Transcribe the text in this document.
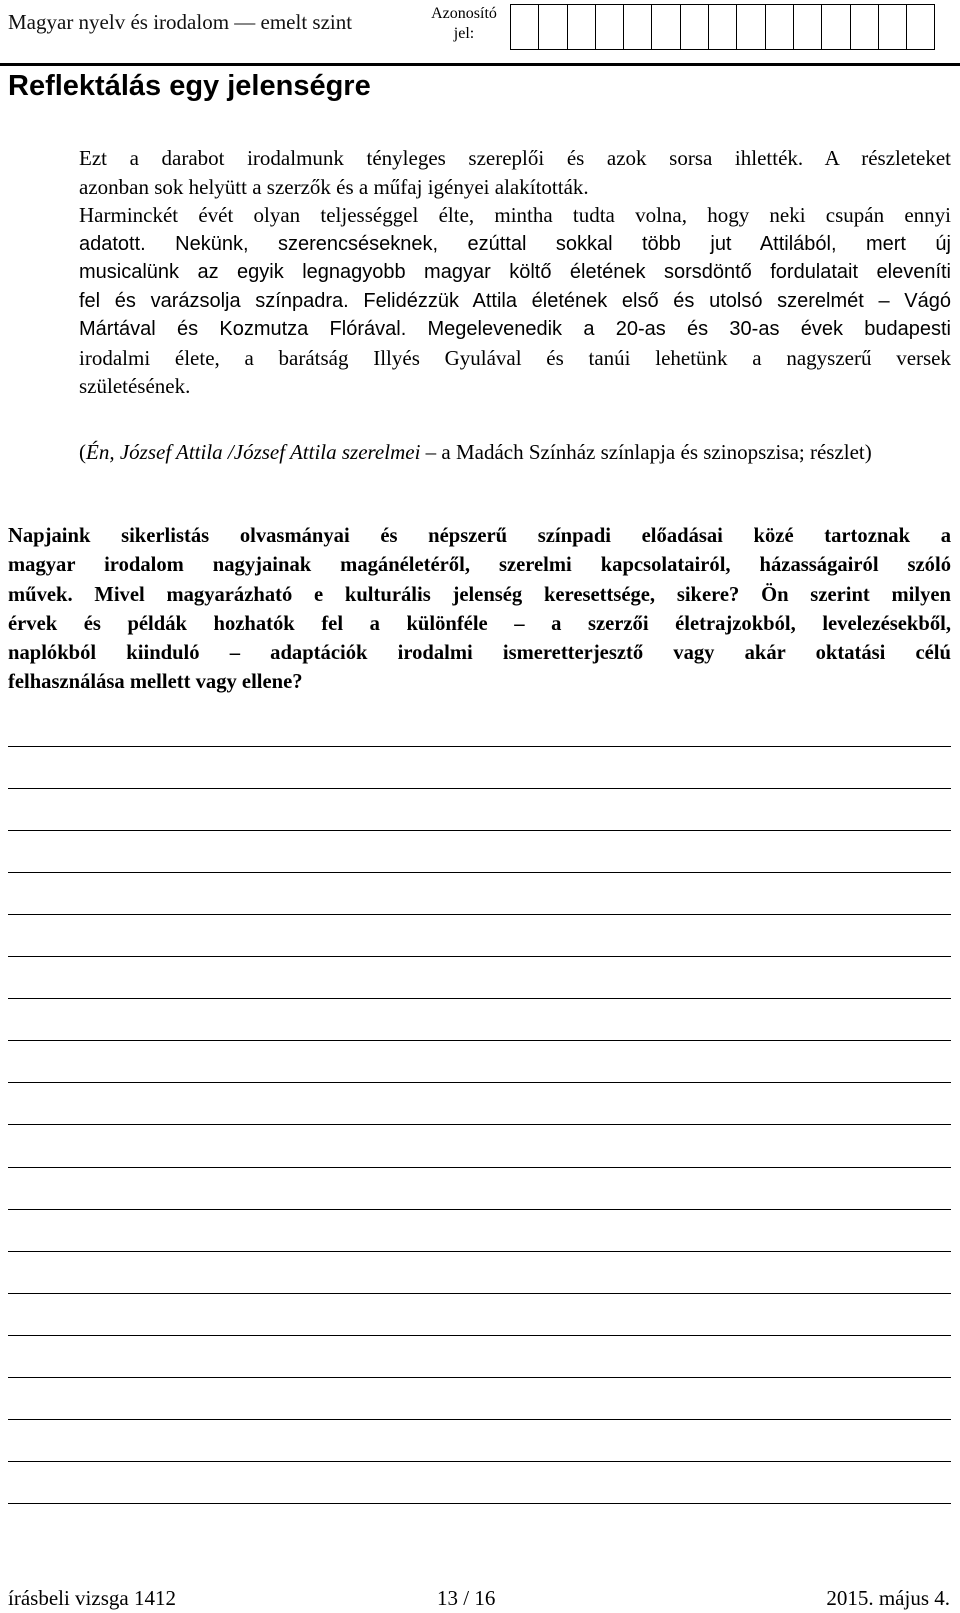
Magyar nyelv és irodalom — emelt szint	Azonosító
jel:
Reflektálás egy jelenségre
Ezt a darabot irodalmunk tényleges szereplői és azok sorsa ihlették. A részleteket
azonban sok helyütt a szerzők és a műfaj igényei alakították.
Harminckét évét olyan teljességgel élte, mintha tudta volna, hogy neki csupán ennyi
adatott. Nekünk, szerencséseknek, ezúttal sokkal több jut Attilából, mert új
musicalünk az egyik legnagyobb magyar költő életének sorsdöntő fordulatait eleveníti
fel és varázsolja színpadra. Felidézzük Attila életének első és utolsó szerelmét – Vágó
Mártával és Kozmutza Flórával. Megelevenedik a 20-as és 30-as évek budapesti
irodalmi élete, a barátság Illyés Gyulával és tanúi lehetünk a nagyszerű versek
születésének.

(Én, József Attila /József Attila szerelmei – a Madách Színház színlapja és szinopszisa; részlet)

Napjaink sikerlistás olvasmányai és népszerű színpadi előadásai közé tartoznak a
magyar irodalom nagyjainak magánéletéről, szerelmi kapcsolatairól, házasságairól szóló
művek. Mivel magyarázható e kulturális jelenség keresettsége, sikere? Ön szerint milyen
érvek és példák hozhatók fel a különféle – a szerzői életrajzokból, levelezésekből,
naplókból kiinduló – adaptációk irodalmi ismeretterjesztő vagy akár oktatási célú
felhasználása mellett vagy ellene?
írásbeli vizsga 1412	13 / 16	2015. május 4.
